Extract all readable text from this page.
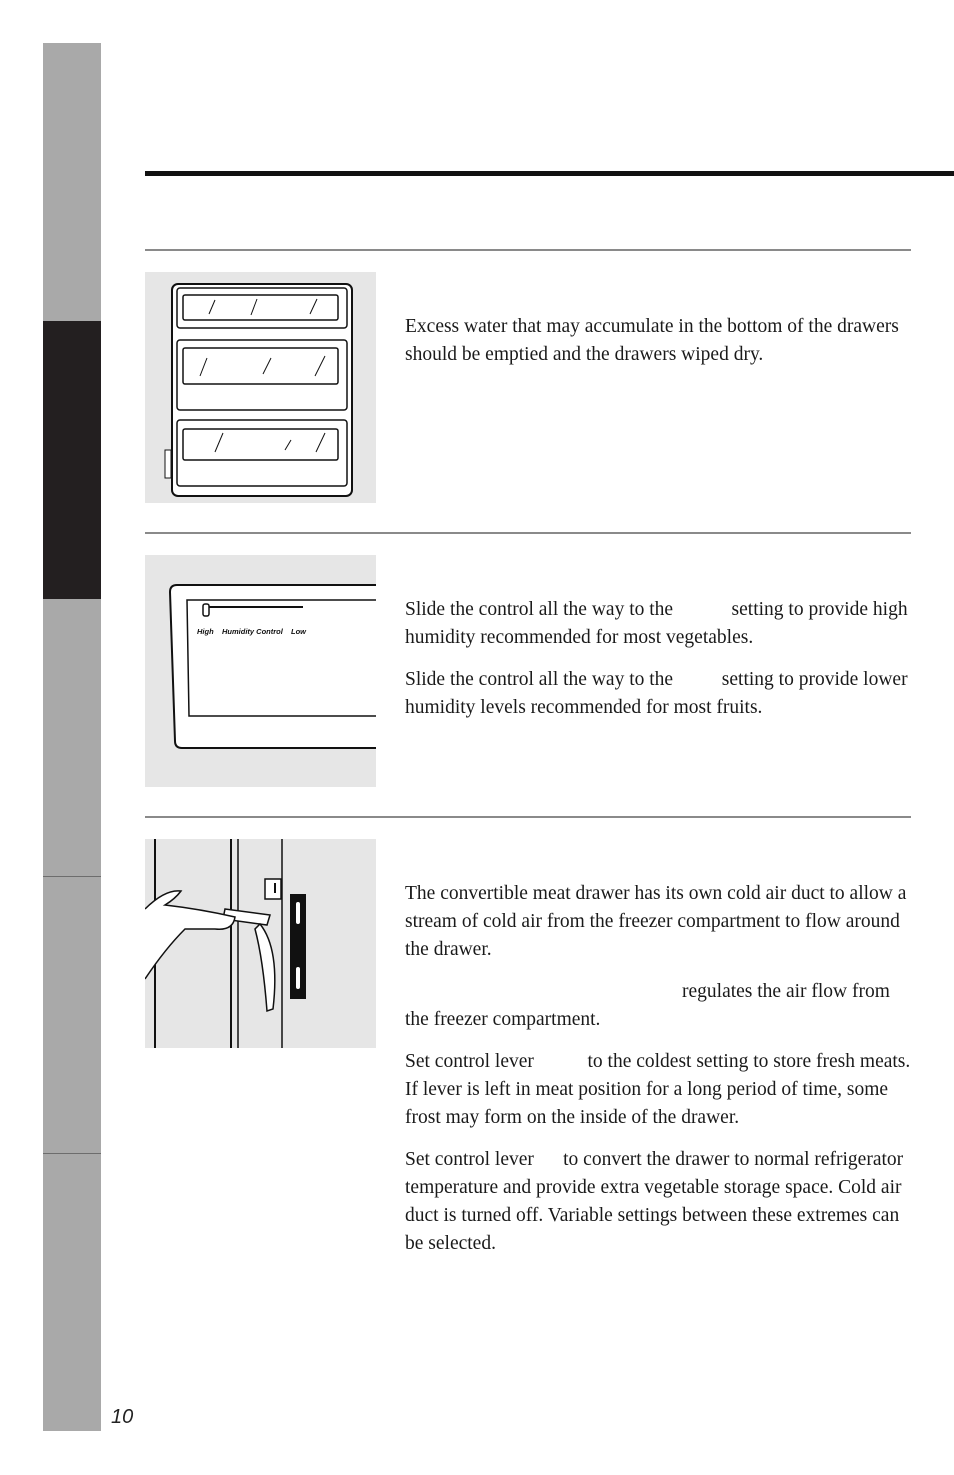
Excess water that may accumulate in the bottom of the drawers should be emptied and the drawers wiped dry.

High Humidity Control Low

Slide the control all the way to the            setting to provide high humidity recommended for most vegetables.

Slide the control all the way to the          setting to provide lower humidity levels recommended for most fruits.

The convertible meat drawer has its own cold air duct to allow a stream of cold air from the freezer compartment to flow around the drawer.

regulates the air flow from the freezer compartment.

Set control lever           to the coldest setting to store fresh meats. If lever is left in meat position for a long period of time, some frost may form on the inside of the drawer.

Set control lever      to convert the drawer to normal refrigerator temperature and provide extra vegetable storage space. Cold air duct is turned off. Variable settings between these extremes can be selected.

10
